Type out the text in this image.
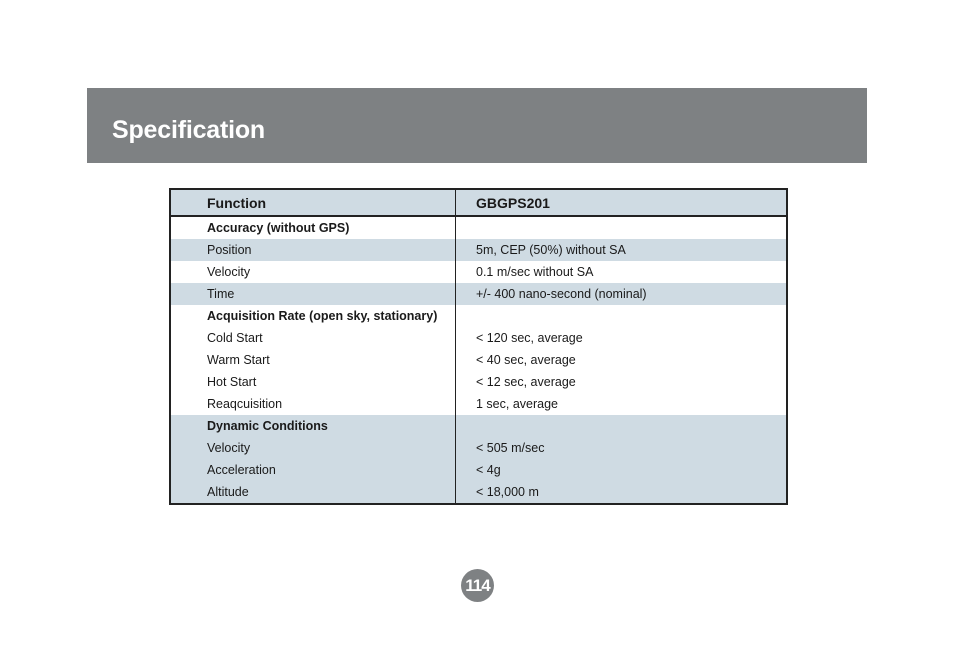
Specification
Function	GBGPS201
Accuracy (without GPS)	
Position	5m, CEP (50%) without SA
Velocity	0.1 m/sec without SA
Time	+/- 400 nano-second (nominal)
Acquisition Rate (open sky, stationary)	
Cold Start	< 120 sec, average
Warm Start	< 40 sec, average
Hot Start	< 12 sec, average
Reaqcuisition	1 sec, average
Dynamic Conditions	
Velocity	< 505 m/sec
Acceleration	< 4g
Altitude	< 18,000 m
114
